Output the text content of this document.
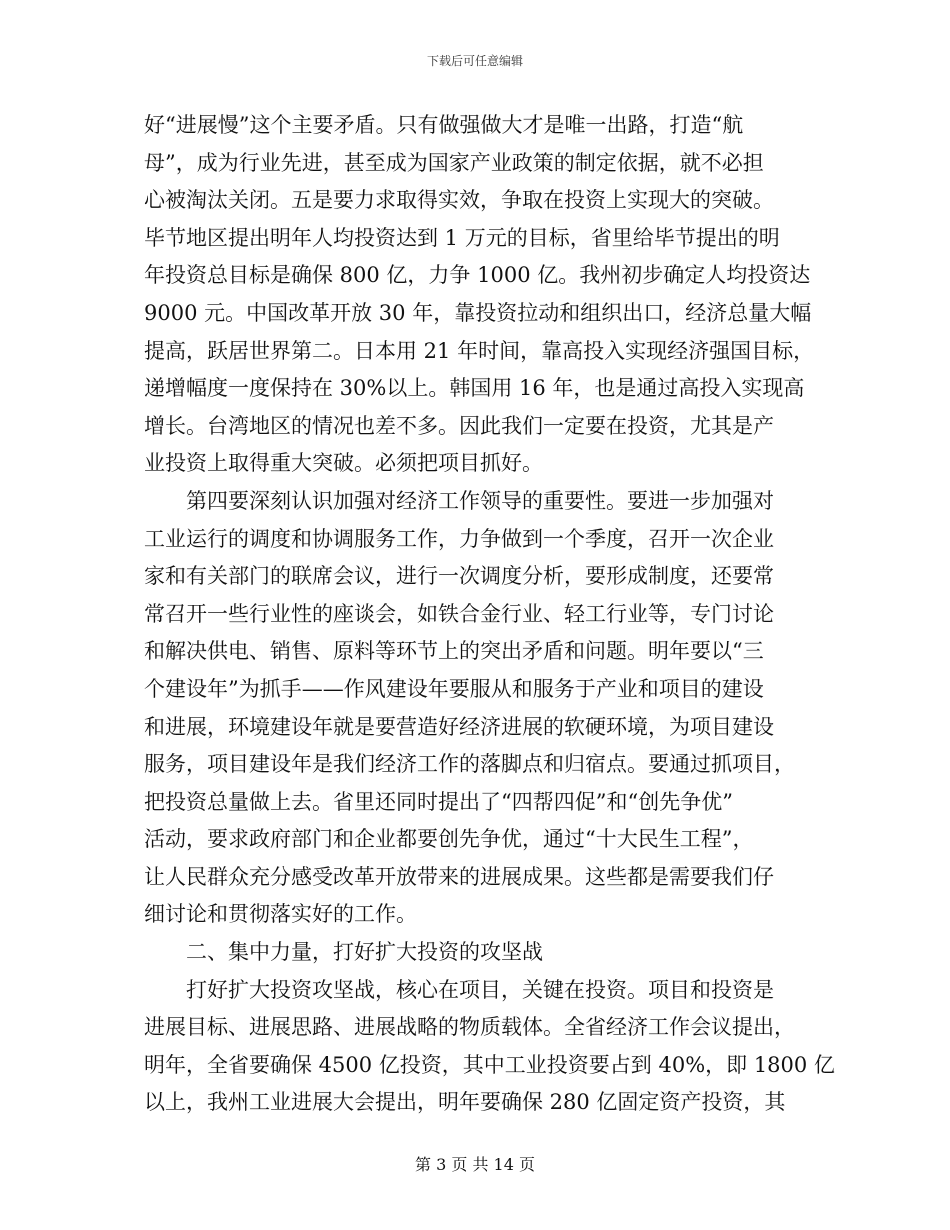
下载后可任意编辑
好“进展慢”这个主要矛盾。只有做强做大才是唯一出路，打造“航
母”，成为行业先进，甚至成为国家产业政策的制定依据，就不必担
心被淘汰关闭。五是要力求取得实效，争取在投资上实现大的突破。
毕节地区提出明年人均投资达到 1 万元的目标，省里给毕节提出的明
年投资总目标是确保 800 亿，力争 1000 亿。我州初步确定人均投资达
9000 元。中国改革开放 30 年，靠投资拉动和组织出口，经济总量大幅
提高，跃居世界第二。日本用 21 年时间，靠高投入实现经济强国目标，
递增幅度一度保持在 30%以上。韩国用 16 年，也是通过高投入实现高
增长。台湾地区的情况也差不多。因此我们一定要在投资，尤其是产
业投资上取得重大突破。必须把项目抓好。
第四要深刻认识加强对经济工作领导的重要性。要进一步加强对
工业运行的调度和协调服务工作，力争做到一个季度，召开一次企业
家和有关部门的联席会议，进行一次调度分析，要形成制度，还要常
常召开一些行业性的座谈会，如铁合金行业、轻工行业等，专门讨论
和解决供电、销售、原料等环节上的突出矛盾和问题。明年要以“三
个建设年”为抓手——作风建设年要服从和服务于产业和项目的建设
和进展，环境建设年就是要营造好经济进展的软硬环境，为项目建设
服务，项目建设年是我们经济工作的落脚点和归宿点。要通过抓项目，
把投资总量做上去。省里还同时提出了“四帮四促”和“创先争优”
活动，要求政府部门和企业都要创先争优，通过“十大民生工程”，
让人民群众充分感受改革开放带来的进展成果。这些都是需要我们仔
细讨论和贯彻落实好的工作。
二、集中力量，打好扩大投资的攻坚战
打好扩大投资攻坚战，核心在项目，关键在投资。项目和投资是
进展目标、进展思路、进展战略的物质载体。全省经济工作会议提出，
明年，全省要确保 4500 亿投资，其中工业投资要占到 40%，即 1800 亿
以上，我州工业进展大会提出，明年要确保 280 亿固定资产投资，其
第 3 页 共 14 页
